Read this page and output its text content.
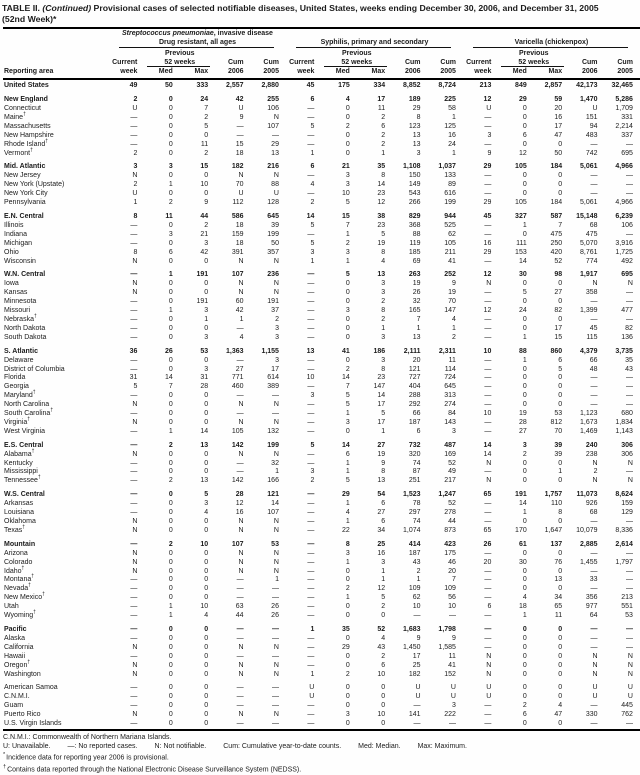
TABLE II. (Continued) Provisional cases of selected notifiable diseases, United States, weeks ending December 30, 2006, and December 31, 2005
(52nd Week)*

	Streptococcus pneumoniae, invasive disease
Drug resistant, all ages					Syphilis, primary and secondary					Varicella (chickenpox)				

		Previous					Previous					Previous			
	Current	52 weeks		Cum	Cum	Current	52 weeks		Cum	Cum	Current	52 weeks		Cum	Cum
Reporting area	week	Med	Max	2006	2005	week	Med	Max	2006	2005	week	Med	Max	2006	2005
United States	49	50	333	2,557	2,880	45	175	334	8,852	8,724	213	849	2,857	42,173	32,465
New England	2	0	24	42	255	6	4	17	189	225	12	29	59	1,470	5,286
Connecticut	U	0	7	U	106	—	0	11	29	58	U	0	20	U	1,709
Maine†	—	0	2	9	N	—	0	2	8	1	—	0	16	151	331
Massachusetts	—	0	5	—	107	5	2	6	123	125	—	0	17	94	2,214
New Hampshire	—	0	0	—	—	—	0	2	13	16	3	6	47	483	337
Rhode Island†	—	0	11	15	29	—	0	2	13	24	—	0	0	—	—
Vermont†	2	0	2	18	13	1	0	1	3	1	9	12	50	742	695
Mid. Atlantic	3	3	15	182	216	6	21	35	1,108	1,037	29	105	184	5,061	4,966
New Jersey	N	0	0	N	N	—	3	8	150	133	—	0	0	—	—
New York (Upstate)	2	1	10	70	88	4	3	14	149	89	—	0	0	—	—
New York City	U	0	0	U	U	—	10	23	543	616	—	0	0	—	—
Pennsylvania	1	2	9	112	128	2	5	12	266	199	29	105	184	5,061	4,966
E.N. Central	8	11	44	586	645	14	15	38	829	944	45	327	587	15,148	6,239
Illinois	—	0	2	18	39	5	7	23	368	525	—	1	7	68	106
Indiana	—	3	21	159	199	—	1	5	88	62	—	0	475	475	—
Michigan	—	0	3	18	50	5	2	19	119	105	16	111	250	5,070	3,916
Ohio	8	6	42	391	357	3	3	8	185	211	29	153	420	8,761	1,725
Wisconsin	N	0	0	N	N	1	1	4	69	41	—	14	52	774	492
W.N. Central	—	1	191	107	236	—	5	13	263	252	12	30	98	1,917	695
Iowa	N	0	0	N	N	—	0	3	19	9	N	0	0	N	N
Kansas	N	0	0	N	N	—	0	3	26	19	—	5	27	358	—
Minnesota	—	0	191	60	191	—	0	2	32	70	—	0	0	—	—
Missouri	—	1	3	42	37	—	3	8	165	147	12	24	82	1,399	477
Nebraska†	—	0	1	1	2	—	0	2	7	4	—	0	0	—	—
North Dakota	—	0	0	—	3	—	0	1	1	1	—	0	17	45	82
South Dakota	—	0	3	4	3	—	0	3	13	2	—	1	15	115	136
S. Atlantic	36	26	53	1,363	1,155	13	41	186	2,111	2,311	10	88	860	4,379	3,735
Delaware	—	0	0	—	3	—	0	3	20	11	—	1	6	66	35
District of Columbia	—	0	3	27	17	—	2	8	121	114	—	0	5	48	43
Florida	31	14	31	771	614	10	14	23	727	724	—	0	0	—	—
Georgia	5	7	28	460	389	—	7	147	404	645	—	0	0	—	—
Maryland†	—	0	0	—	—	3	5	14	288	313	—	0	0	—	—
North Carolina	N	0	0	N	N	—	5	17	292	274	—	0	0	—	—
South Carolina†	—	0	0	—	—	—	1	5	66	84	10	19	53	1,123	680
Virginia†	N	0	0	N	N	—	3	17	187	143	—	28	812	1,673	1,834
West Virginia	—	1	14	105	132	—	0	1	6	3	—	27	70	1,469	1,143
E.S. Central	—	2	13	142	199	5	14	27	732	487	14	3	39	240	306
Alabama†	N	0	0	N	N	—	6	19	320	169	14	2	39	238	306
Kentucky	—	0	0	—	32	—	1	9	74	52	N	0	0	N	N
Mississippi	—	0	0	—	1	3	1	8	87	49	—	0	1	2	—
Tennessee†	—	2	13	142	166	2	5	13	251	217	N	0	0	N	N
W.S. Central	—	0	5	28	121	—	29	54	1,523	1,247	65	191	1,757	11,073	8,624
Arkansas	—	0	3	12	14	—	1	6	78	52	—	14	110	926	159
Louisiana	—	0	4	16	107	—	4	27	297	278	—	1	8	68	129
Oklahoma	N	0	0	N	N	—	1	6	74	44	—	0	0	—	—
Texas†	N	0	0	N	N	—	22	34	1,074	873	65	170	1,647	10,079	8,336
Mountain	—	2	10	107	53	—	8	25	414	423	26	61	137	2,885	2,614
Arizona	N	0	0	N	N	—	3	16	187	175	—	0	0	—	—
Colorado	N	0	0	N	N	—	1	3	43	46	20	30	76	1,455	1,797
Idaho†	N	0	0	N	N	—	0	1	2	20	—	0	0	—	—
Montana†	—	0	0	—	1	—	0	1	1	7	—	0	13	33	—
Nevada†	—	0	0	—	—	—	2	12	109	109	—	0	0	—	—
New Mexico†	—	0	0	—	—	—	1	5	62	56	—	4	34	356	213
Utah	—	1	10	63	26	—	0	2	10	10	6	18	65	977	551
Wyoming†	—	1	4	44	26	—	0	0	—	—	—	1	11	64	53
Pacific	—	0	0	—	—	1	35	52	1,683	1,798	—	0	0	—	—
Alaska	—	0	0	—	—	—	0	4	9	9	—	0	0	—	—
California	N	0	0	N	N	—	29	43	1,450	1,585	—	0	0	—	—
Hawaii	—	0	0	—	—	—	0	2	17	11	N	0	0	N	N
Oregon†	N	0	0	N	N	—	0	6	25	41	N	0	0	N	N
Washington	N	0	0	N	N	1	2	10	182	152	N	0	0	N	N
American Samoa	—	0	0	—	—	U	0	0	U	U	U	0	0	U	U
C.N.M.I.	—	0	0	—	—	U	0	0	U	U	U	0	0	U	U
Guam	—	0	0	—	—	—	0	0	—	3	—	2	4	—	445
Puerto Rico	N	0	0	N	N	—	3	10	141	222	—	6	47	330	762
U.S. Virgin Islands	—	0	0	—	—	—	0	0	—	—	—	0	0	—	—
C.N.M.I.: Commonwealth of Northern Mariana Islands.
U: Unavailable. —: No reported cases. N: Not notifiable. Cum: Cumulative year-to-date counts. Med: Median. Max: Maximum.
*Incidence data for reporting year 2006 is provisional.
†Contains data reported through the National Electronic Disease Surveillance System (NEDSS).
